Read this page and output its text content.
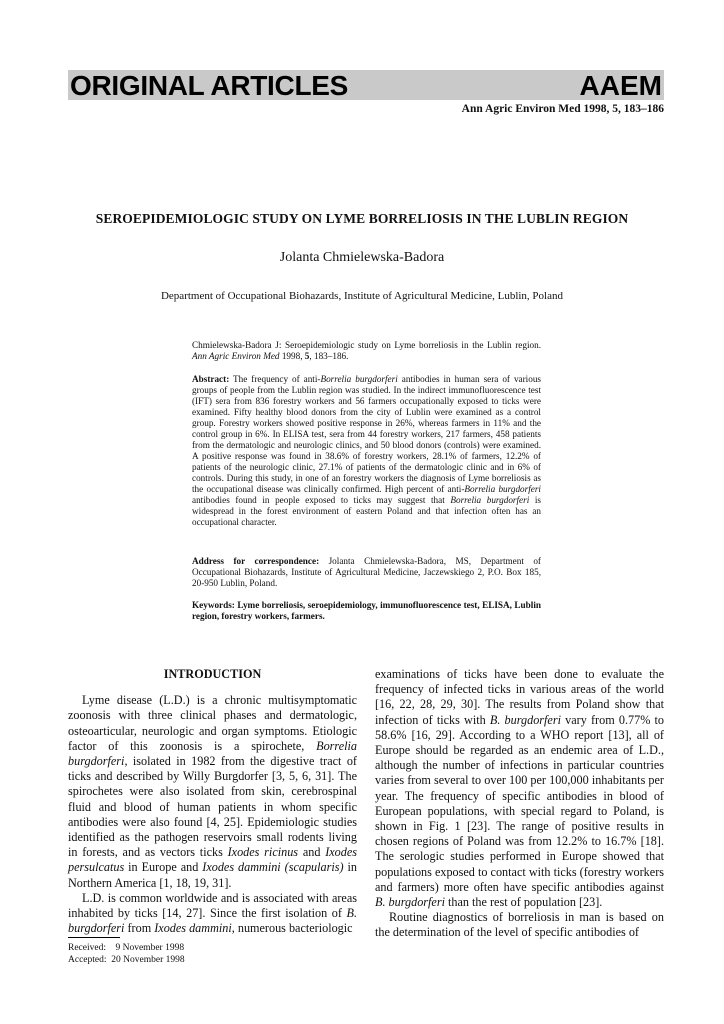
ORIGINAL ARTICLES	AAEM
Ann Agric Environ Med 1998, 5, 183–186
SEROEPIDEMIOLOGIC STUDY ON LYME BORRELIOSIS IN THE LUBLIN REGION
Jolanta Chmielewska-Badora
Department of Occupational Biohazards, Institute of Agricultural Medicine, Lublin, Poland
Chmielewska-Badora J: Seroepidemiologic study on Lyme borreliosis in the Lublin region. Ann Agric Environ Med 1998, 5, 183–186.
Abstract: The frequency of anti-Borrelia burgdorferi antibodies in human sera of various groups of people from the Lublin region was studied. In the indirect immunofluorescence test (IFT) sera from 836 forestry workers and 56 farmers occupationally exposed to ticks were examined. Fifty healthy blood donors from the city of Lublin were examined as a control group. Forestry workers showed positive response in 26%, whereas farmers in 11% and the control group in 6%. In ELISA test, sera from 44 forestry workers, 217 farmers, 458 patients from the dermatologic and neurologic clinics, and 50 blood donors (controls) were examined. A positive response was found in 38.6% of forestry workers, 28.1% of farmers, 12.2% of patients of the neurologic clinic, 27.1% of patients of the dermatologic clinic and in 6% of controls. During this study, in one of an forestry workers the diagnosis of Lyme borreliosis as the occupational disease was clinically confirmed. High percent of anti-Borrelia burgdorferi antibodies found in people exposed to ticks may suggest that Borrelia burgdorferi is widespread in the forest environment of eastern Poland and that infection often has an occupational character.
Address for correspondence: Jolanta Chmielewska-Badora, MS, Department of Occupational Biohazards, Institute of Agricultural Medicine, Jaczewskiego 2, P.O. Box 185, 20-950 Lublin, Poland.
Keywords: Lyme borreliosis, seroepidemiology, immunofluorescence test, ELISA, Lublin region, forestry workers, farmers.

INTRODUCTION

Lyme disease (L.D.) is a chronic multisymptomatic zoonosis with three clinical phases and dermatologic, osteoarticular, neurologic and organ symptoms. Etiologic factor of this zoonosis is a spirochete, Borrelia burgdorferi, isolated in 1982 from the digestive tract of ticks and described by Willy Burgdorfer [3, 5, 6, 31]. The spirochetes were also isolated from skin, cerebrospinal fluid and blood of human patients in whom specific antibodies were also found [4, 25]. Epidemiologic studies identified as the pathogen reservoirs small rodents living in forests, and as vectors ticks Ixodes ricinus and Ixodes persulcatus in Europe and Ixodes dammini (scapularis) in Northern America [1, 18, 19, 31].

L.D. is common worldwide and is associated with areas inhabited by ticks [14, 27]. Since the first isolation of B. burgdorferi from Ixodes dammini, numerous bacteriologic

examinations of ticks have been done to evaluate the frequency of infected ticks in various areas of the world [16, 22, 28, 29, 30]. The results from Poland show that infection of ticks with B. burgdorferi vary from 0.77% to 58.6% [16, 29]. According to a WHO report [13], all of Europe should be regarded as an endemic area of L.D., although the number of infections in particular countries varies from several to over 100 per 100,000 inhabitants per year. The frequency of specific antibodies in blood of European populations, with special regard to Poland, is shown in Fig. 1 [23]. The range of positive results in chosen regions of Poland was from 12.2% to 16.7% [18]. The serologic studies performed in Europe showed that populations exposed to contact with ticks (forestry workers and farmers) more often have specific antibodies against B. burgdorferi than the rest of population [23].

Routine diagnostics of borreliosis in man is based on the determination of the level of specific antibodies of

Received:    9 November 1998
Accepted:  20 November 1998
